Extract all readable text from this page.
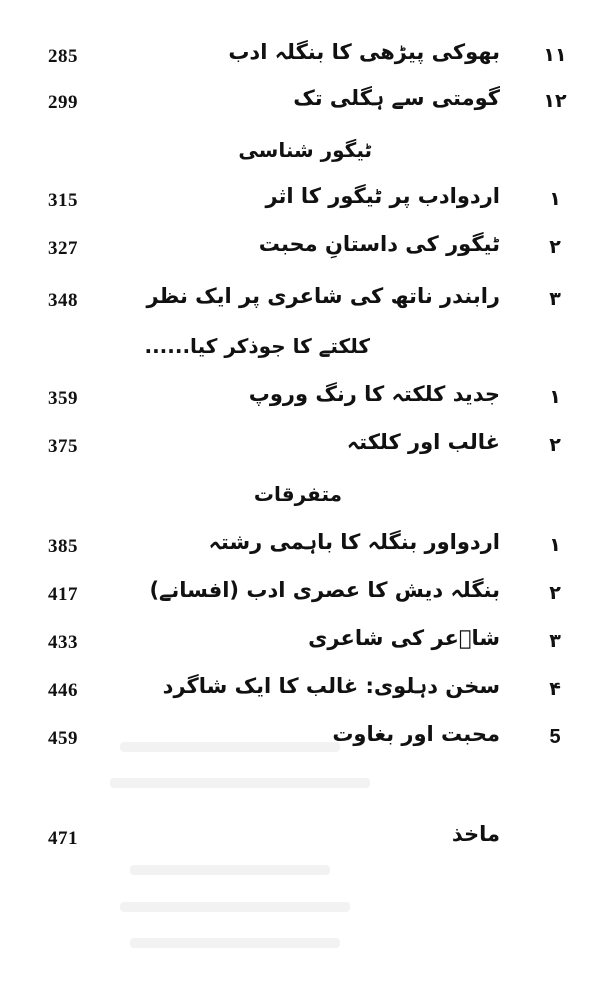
285	بھوکی پیڑھی کا بنگلہ ادب ۱۱
299	گومتی سے ہگلی تک ۱۲
ٹیگور شناسی
315	اردوادب پر ٹیگور کا اثر	۱
327	ٹیگور کی داستانِ محبت	۲
348	رابندر ناتھ کی شاعری پر ایک نظر	۳
کلکتے کا جوذکر کیا......
359	جدید کلکتہ کا رنگ وروپ	۱
375	غالب اور کلکتہ	۲
متفرقات
385	اردواور بنگلہ کا باہمی رشتہ	۱
417	بنگلہ دیش کا عصری ادب (افسانے)	۲
433	شاؔعر کی شاعری	۳
446	سخن دہلوی: غالب کا ایک شاگرد	۴
459	محبت اور بغاوت	5
471	ماخذ
